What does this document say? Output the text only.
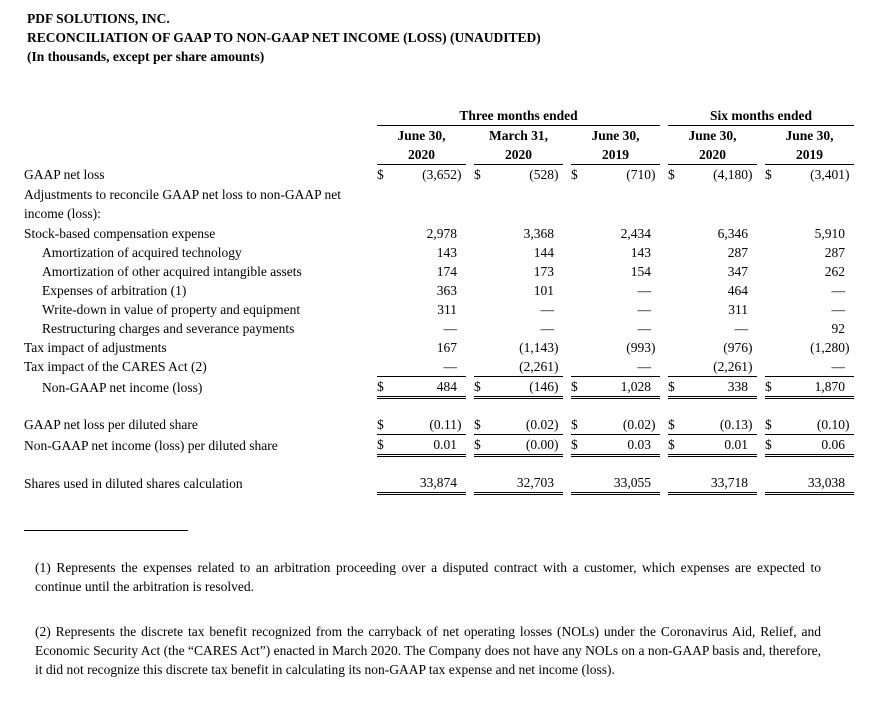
PDF SOLUTIONS, INC.
RECONCILIATION OF GAAP TO NON-GAAP NET INCOME (LOSS) (UNAUDITED)
(In thousands, except per share amounts)
	Three months ended												Six months ended						
	June 30,				March 31,				June 30,				June 30,				June 30,		
	2020				2020				2019				2020				2019		
GAAP net loss	$	(3,652	)		$	(528	)		$	(710	)		$	(4,180	)		$	(3,401	)
Adjustments to reconcile GAAP net loss to non-GAAP net income (loss):																			
Stock-based compensation expense		2,978				3,368				2,434				6,346				5,910	
Amortization of acquired technology		143				144				143				287				287	
Amortization of other acquired intangible assets		174				173				154				347				262	
Expenses of arbitration (1)		363				101				—				464				—	
Write-down in value of property and equipment		311				—				—				311				—	
Restructuring charges and severance payments		—				—				—				—				92	
Tax impact of adjustments		167				(1,143	)			(993	)			(976	)			(1,280	)
Tax impact of the CARES Act (2)		—				(2,261	)			—				(2,261	)			—	
Non-GAAP net income (loss)	$	484			$	(146	)		$	1,028			$	338			$	1,870	

GAAP net loss per diluted share	$	(0.11	)		$	(0.02	)		$	(0.02	)		$	(0.13	)		$	(0.10	)
Non-GAAP net income (loss) per diluted share	$	0.01			$	(0.00	)		$	0.03			$	0.01			$	0.06	

Shares used in diluted shares calculation		33,874				32,703				33,055				33,718				33,038	
(1) Represents the expenses related to an arbitration proceeding over a disputed contract with a customer, which expenses are expected to continue until the arbitration is resolved.
(2) Represents the discrete tax benefit recognized from the carryback of net operating losses (NOLs) under the Coronavirus Aid, Relief, and Economic Security Act (the “CARES Act”) enacted in March 2020. The Company does not have any NOLs on a non-GAAP basis and, therefore, it did not recognize this discrete tax benefit in calculating its non-GAAP tax expense and net income (loss).
